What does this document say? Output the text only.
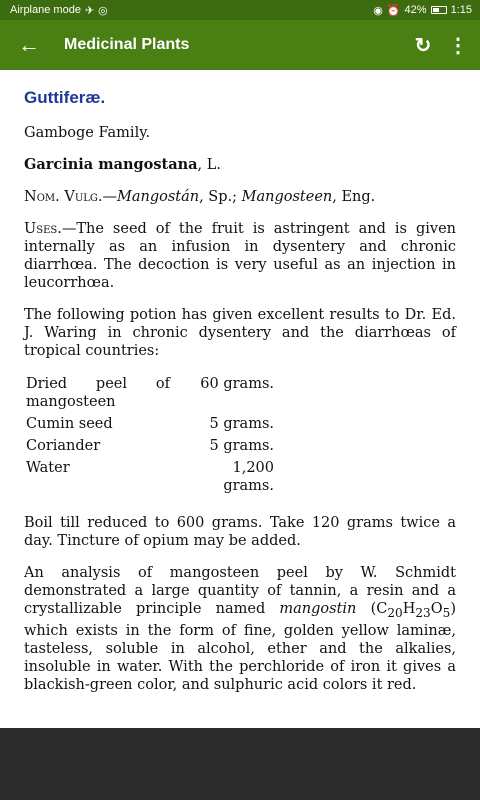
Airplane mode ✈ ◎	◉ ⏰ 42% 1:15
←	Medicinal Plants	↻ ⋮
Guttiferæ.
Gamboge Family.
Garcinia mangostana, L.
Nom. Vulg.—Mangostán, Sp.; Mangosteen, Eng.
Uses.—The seed of the fruit is astringent and is given internally as an infusion in dysentery and chronic diarrhœa. The decoction is very useful as an injection in leucorrhœa.
The following potion has given excellent results to Dr. Ed. J. Waring in chronic dysentery and the diarrhœas of tropical countries:
Dried peel of
mangosteen	60 grams.
Cumin seed	5 grams.
Coriander	5 grams.
Water	1,200 grams.
Boil till reduced to 600 grams. Take 120 grams twice a day. Tincture of opium may be added.
An analysis of mangosteen peel by W. Schmidt demonstrated a large quantity of tannin, a resin and a crystallizable principle named mangostin $(C_{20}H_{23}O_5)$ which exists in the form of fine, golden yellow laminæ, tasteless, soluble in alcohol, ether and the alkalies, insoluble in water. With the perchloride of iron it gives a blackish-green color, and sulphuric acid colors it red.
